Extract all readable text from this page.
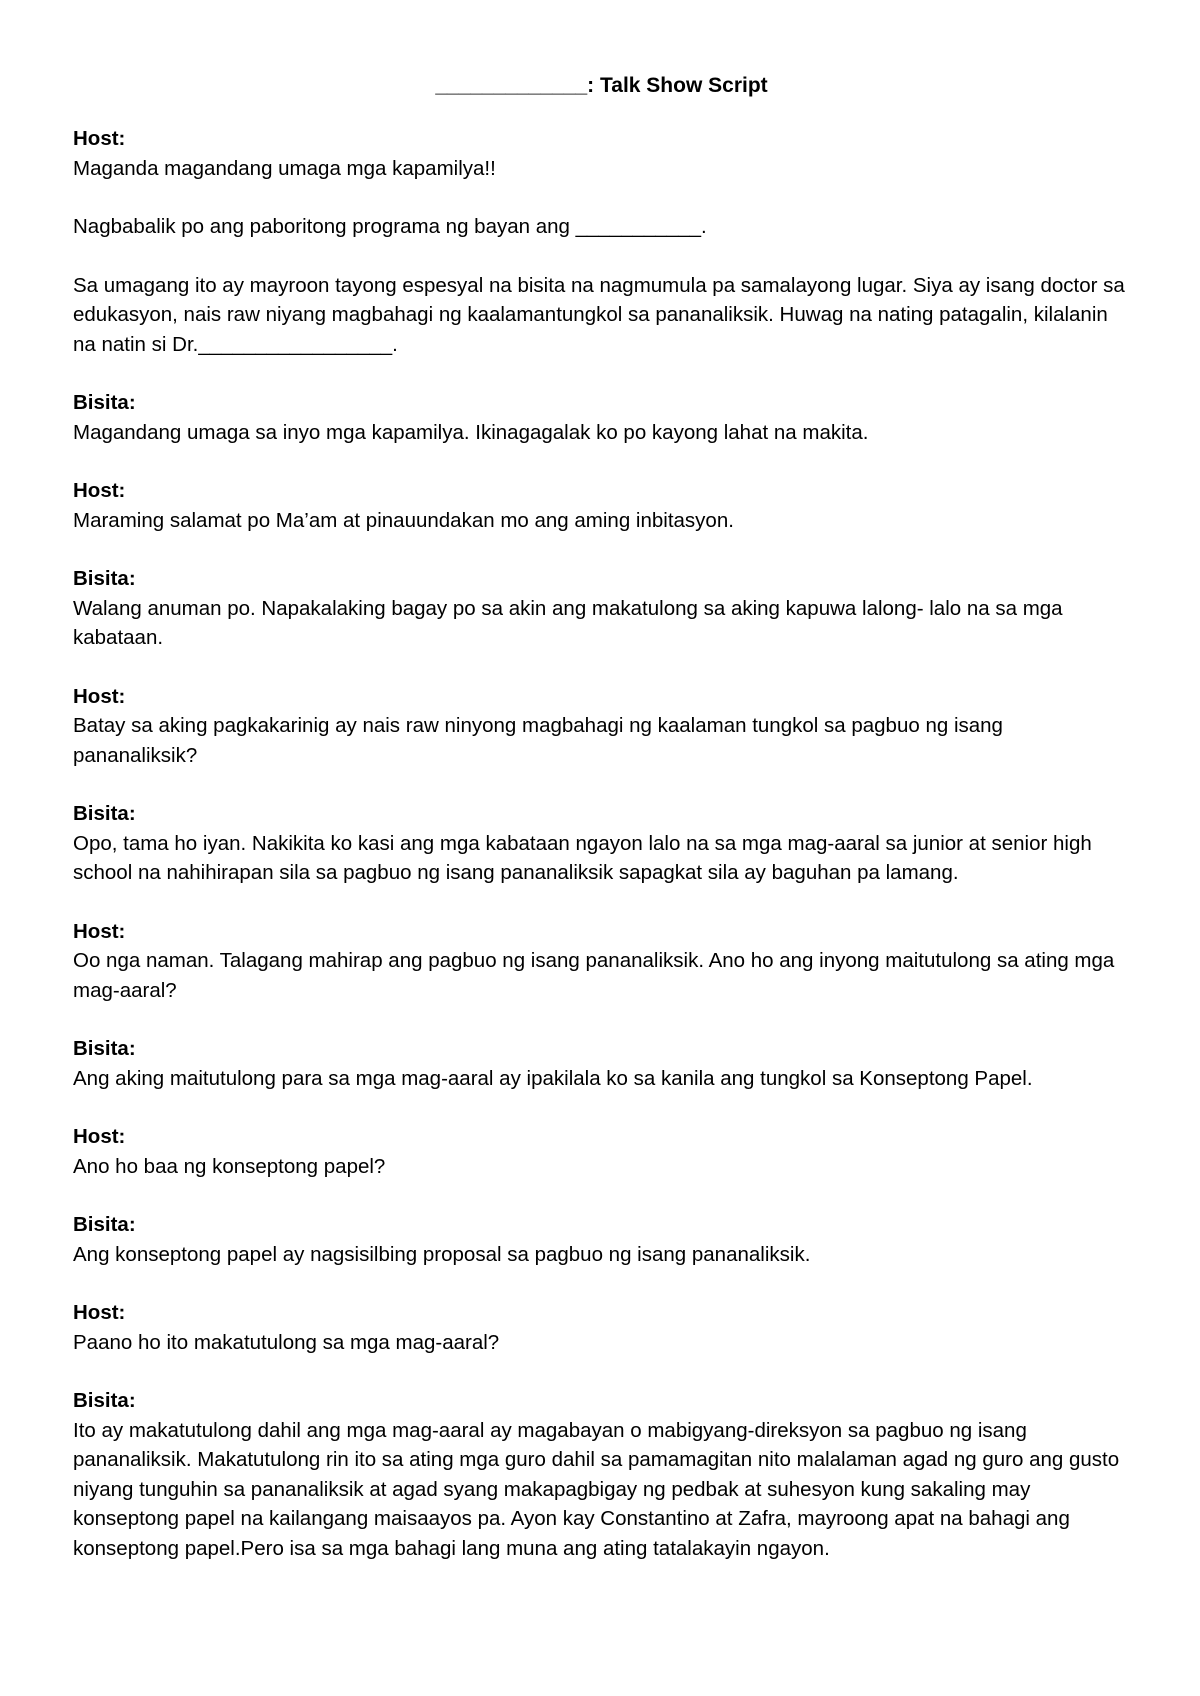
_____________: Talk Show Script
Host:
Maganda magandang umaga mga kapamilya!!
Nagbabalik po ang paboritong programa ng bayan ang ___________.
Sa umagang ito ay mayroon tayong espesyal na bisita na nagmumula pa samalayong lugar. Siya ay isang doctor sa edukasyon, nais raw niyang magbahagi ng kaalamantungkol sa pananaliksik. Huwag na nating patagalin, kilalanin na natin si Dr._________________.
Bisita:
Magandang umaga sa inyo mga kapamilya. Ikinagagalak ko po kayong lahat na makita.
Host:
Maraming salamat po Ma’am at pinauundakan mo ang aming inbitasyon.
Bisita:
Walang anuman po. Napakalaking bagay po sa akin ang makatulong sa aking kapuwa lalong- lalo na sa mga kabataan.
Host:
Batay sa aking pagkakarinig ay nais raw ninyong magbahagi ng kaalaman tungkol sa pagbuo ng isang pananaliksik?
Bisita:
Opo, tama ho iyan. Nakikita ko kasi ang mga kabataan ngayon lalo na sa mga mag-aaral sa junior at senior high school na nahihirapan sila sa pagbuo ng isang pananaliksik sapagkat sila ay baguhan pa lamang.
Host:
Oo nga naman. Talagang mahirap ang pagbuo ng isang pananaliksik. Ano ho ang inyong maitutulong sa ating mga mag-aaral?
Bisita:
Ang aking maitutulong para sa mga mag-aaral ay ipakilala ko sa kanila ang tungkol sa Konseptong Papel.
Host:
Ano ho baa ng konseptong papel?
Bisita:
Ang konseptong papel ay nagsisilbing proposal sa pagbuo ng isang pananaliksik.
Host:
Paano ho ito makatutulong sa mga mag-aaral?
Bisita:
Ito ay makatutulong dahil ang mga mag-aaral ay magabayan o mabigyang-direksyon sa pagbuo ng isang pananaliksik. Makatutulong rin ito sa ating mga guro dahil sa pamamagitan nito malalaman agad ng guro ang gusto niyang tunguhin sa pananaliksik at agad syang makapagbigay ng pedbak at suhesyon kung sakaling may konseptong papel na kailangang maisaayos pa. Ayon kay Constantino at Zafra, mayroong apat na bahagi ang konseptong papel.Pero isa sa mga bahagi lang muna ang ating tatalakayin ngayon.
